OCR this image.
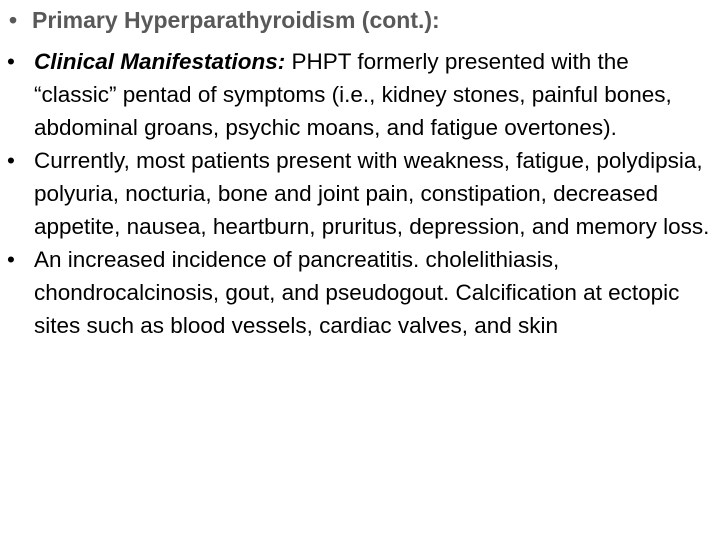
• Primary Hyperparathyroidism (cont.):
• Clinical Manifestations: PHPT formerly presented with the “classic” pentad of symptoms (i.e., kidney stones, painful bones, abdominal groans, psychic moans, and fatigue overtones).
• Currently, most patients present with weakness, fatigue, polydipsia, polyuria, nocturia, bone and joint pain, constipation, decreased appetite, nausea, heartburn, pruritus, depression, and memory loss.
• An increased incidence of pancreatitis. cholelithiasis, chondrocalcinosis, gout, and pseudogout. Calcification at ectopic sites such as blood vessels, cardiac valves, and skin
